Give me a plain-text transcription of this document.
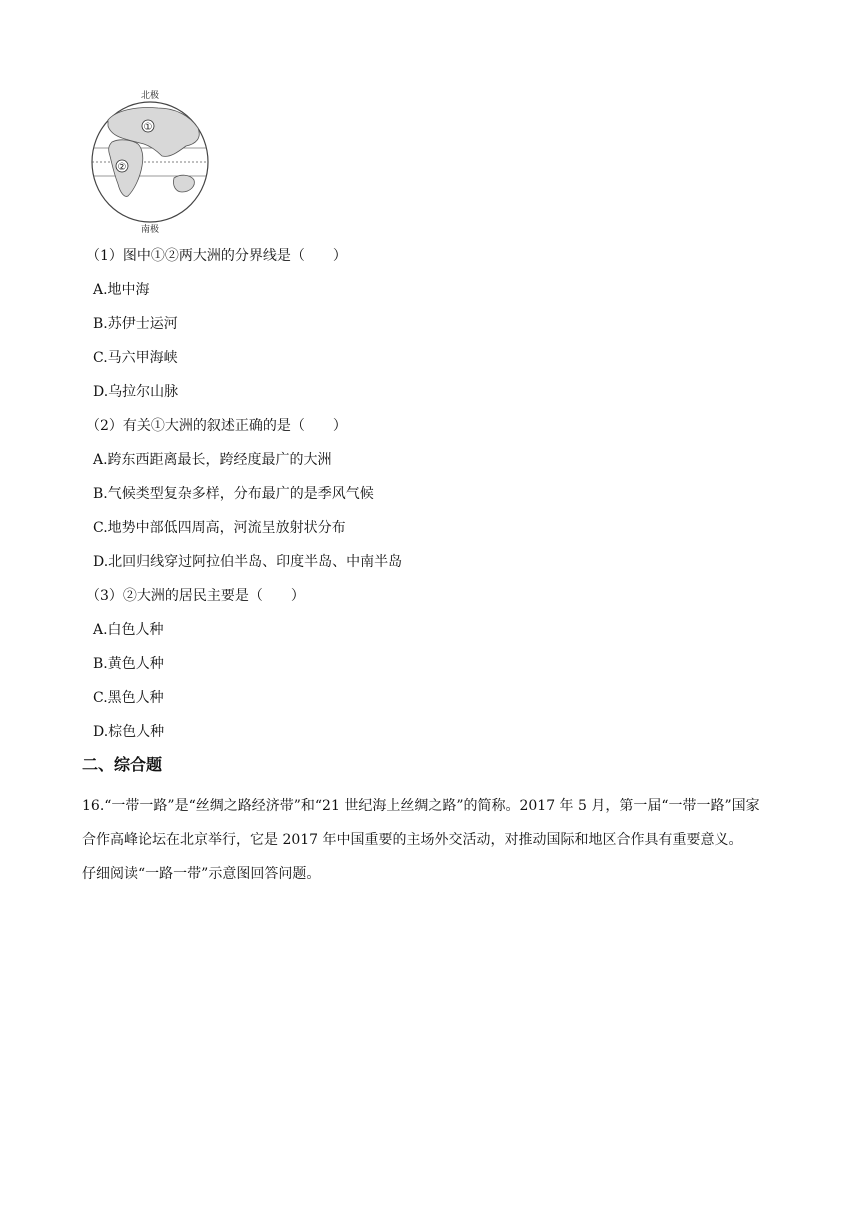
北极
①
②
南极
（1）图中①②两大洲的分界线是（　　）
A.地中海
B.苏伊士运河
C.马六甲海峡
D.乌拉尔山脉
（2）有关①大洲的叙述正确的是（　　）
A.跨东西距离最长，跨经度最广的大洲
B.气候类型复杂多样，分布最广的是季风气候
C.地势中部低四周高，河流呈放射状分布
D.北回归线穿过阿拉伯半岛、印度半岛、中南半岛
（3）②大洲的居民主要是（　　）
A.白色人种
B.黄色人种
C.黑色人种
D.棕色人种
二、综合题
16.“一带一路”是“丝绸之路经济带”和“21 世纪海上丝绸之路”的简称。2017 年 5 月，第一届“一带一路”国家
合作高峰论坛在北京举行，它是 2017 年中国重要的主场外交活动，对推动国际和地区合作具有重要意义。
仔细阅读“一路一带”示意图回答问题。
